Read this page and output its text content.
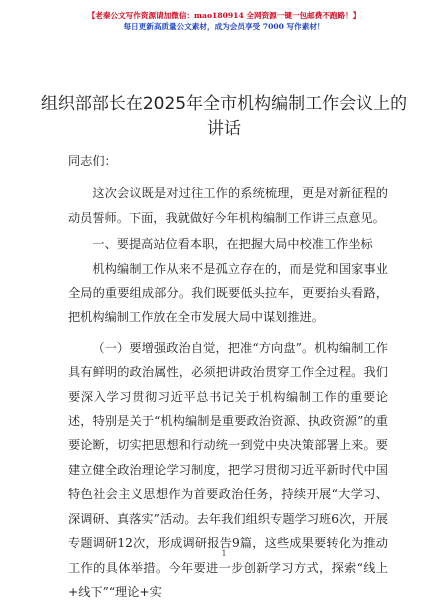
【老秦公文写作资源请加微信：mao180914 全网资源一键一包邮费不跑路！】
每日更新高质量公文素材，成为会员享受 7000 写作素材！
组织部部长在2025年全市机构编制工作会议上的讲话

同志们：

这次会议既是对过往工作的系统梳理，更是对新征程的动员誓师。下面，我就做好今年机构编制工作讲三点意见。

一、要提高站位看本职，在把握大局中校准工作坐标

机构编制工作从来不是孤立存在的，而是党和国家事业全局的重要组成部分。我们既要低头拉车，更要抬头看路，把机构编制工作放在全市发展大局中谋划推进。

（一）要增强政治自觉，把准“方向盘”。机构编制工作具有鲜明的政治属性，必须把讲政治贯穿工作全过程。我们要深入学习贯彻习近平总书记关于机构编制工作的重要论述，特别是关于“机构编制是重要政治资源、执政资源”的重要论断，切实把思想和行动统一到党中央决策部署上来。要建立健全政治理论学习制度，把学习贯彻习近平新时代中国特色社会主义思想作为首要政治任务，持续开展“大学习、深调研、真落实”活动。去年我们组织专题学习班6次，开展专题调研12次，形成调研报告9篇，这些成果要转化为推动工作的具体举措。今年要进一步创新学习方式，探索“线上+线下”“理论+实

1
